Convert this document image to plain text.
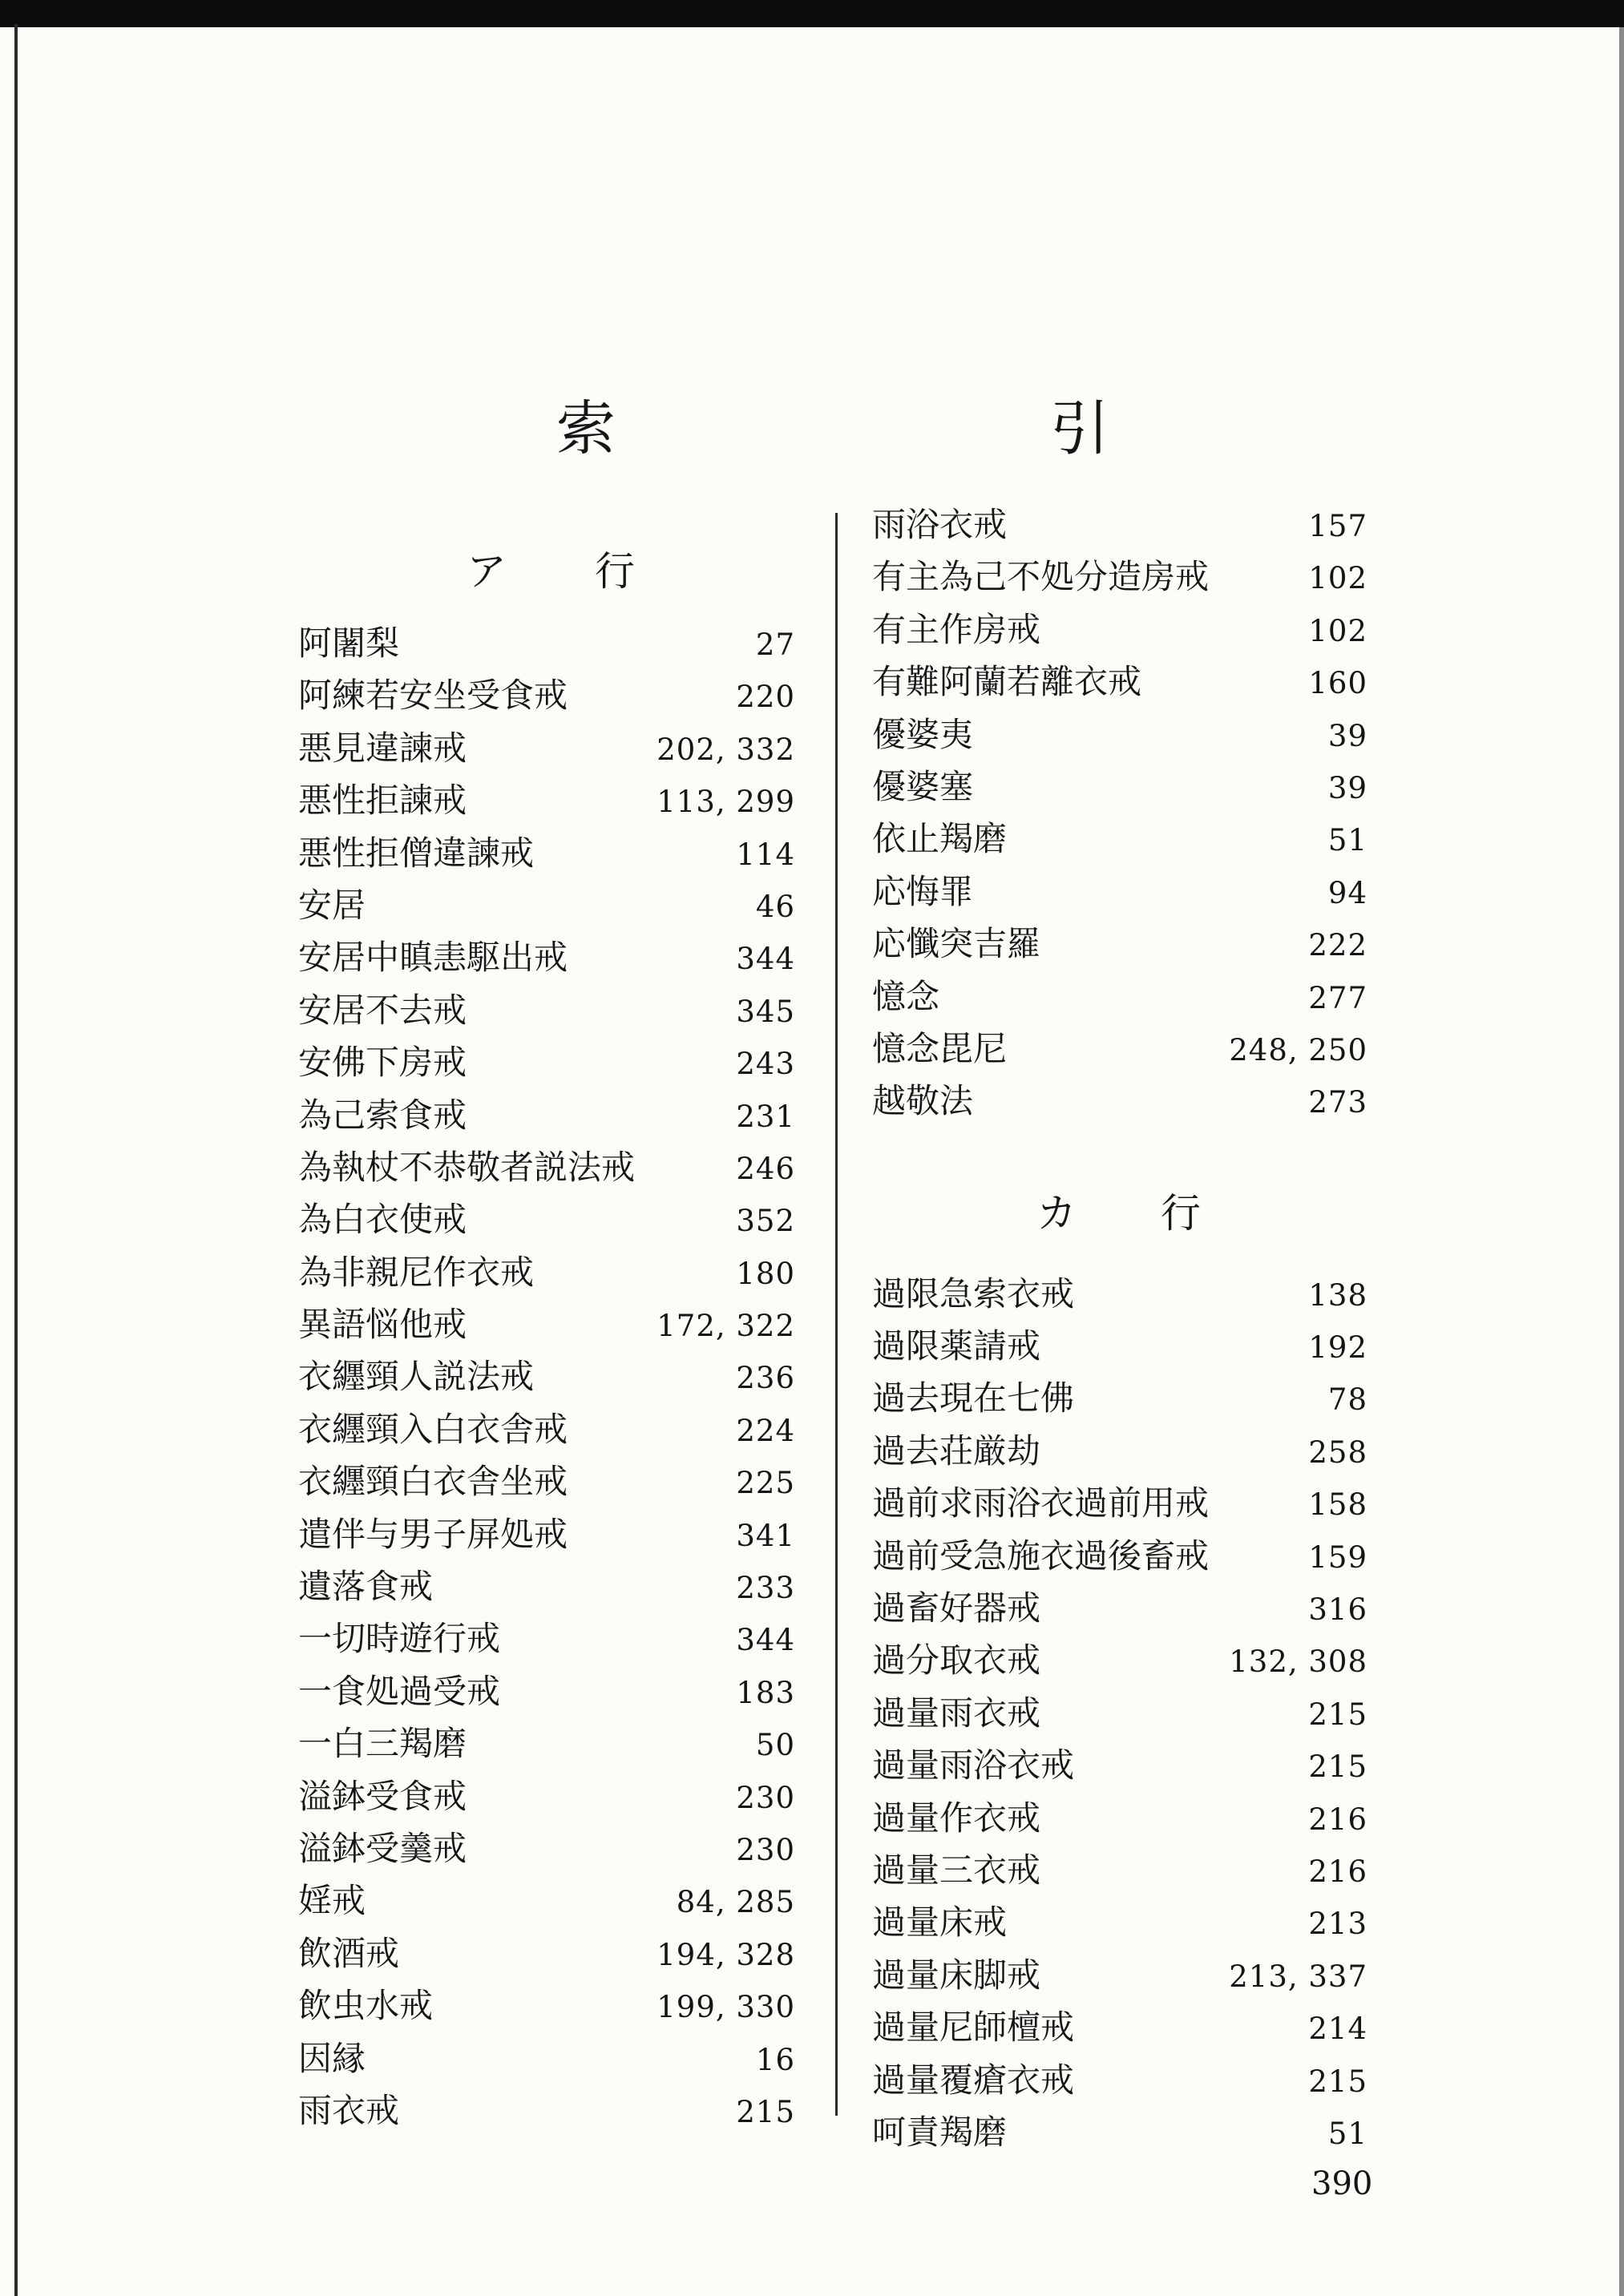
索	引
ア 行
阿闍梨	27
阿練若安坐受食戒	220
悪見違諫戒	202, 332
悪性拒諫戒	113, 299
悪性拒僧違諫戒	114
安居	46
安居中瞋恚駆出戒	344
安居不去戒	345
安佛下房戒	243
為己索食戒	231
為執杖不恭敬者説法戒	246
為白衣使戒	352
為非親尼作衣戒	180
異語悩他戒	172, 322
衣纒頸人説法戒	236
衣纒頸入白衣舎戒	224
衣纒頸白衣舎坐戒	225
遣伴与男子屏処戒	341
遺落食戒	233
一切時遊行戒	344
一食処過受戒	183
一白三羯磨	50
溢鉢受食戒	230
溢鉢受羹戒	230
婬戒	84, 285
飲酒戒	194, 328
飲虫水戒	199, 330
因縁	16
雨衣戒	215
雨浴衣戒	157
有主為己不処分造房戒	102
有主作房戒	102
有難阿蘭若離衣戒	160
優婆夷	39
優婆塞	39
依止羯磨	51
応悔罪	94
応懺突吉羅	222
憶念	277
憶念毘尼	248, 250
越敬法	273
カ 行
過限急索衣戒	138
過限薬請戒	192
過去現在七佛	78
過去荘厳劫	258
過前求雨浴衣過前用戒	158
過前受急施衣過後畜戒	159
過畜好器戒	316
過分取衣戒	132, 308
過量雨衣戒	215
過量雨浴衣戒	215
過量作衣戒	216
過量三衣戒	216
過量床戒	213
過量床脚戒	213, 337
過量尼師檀戒	214
過量覆瘡衣戒	215
呵責羯磨	51
390
